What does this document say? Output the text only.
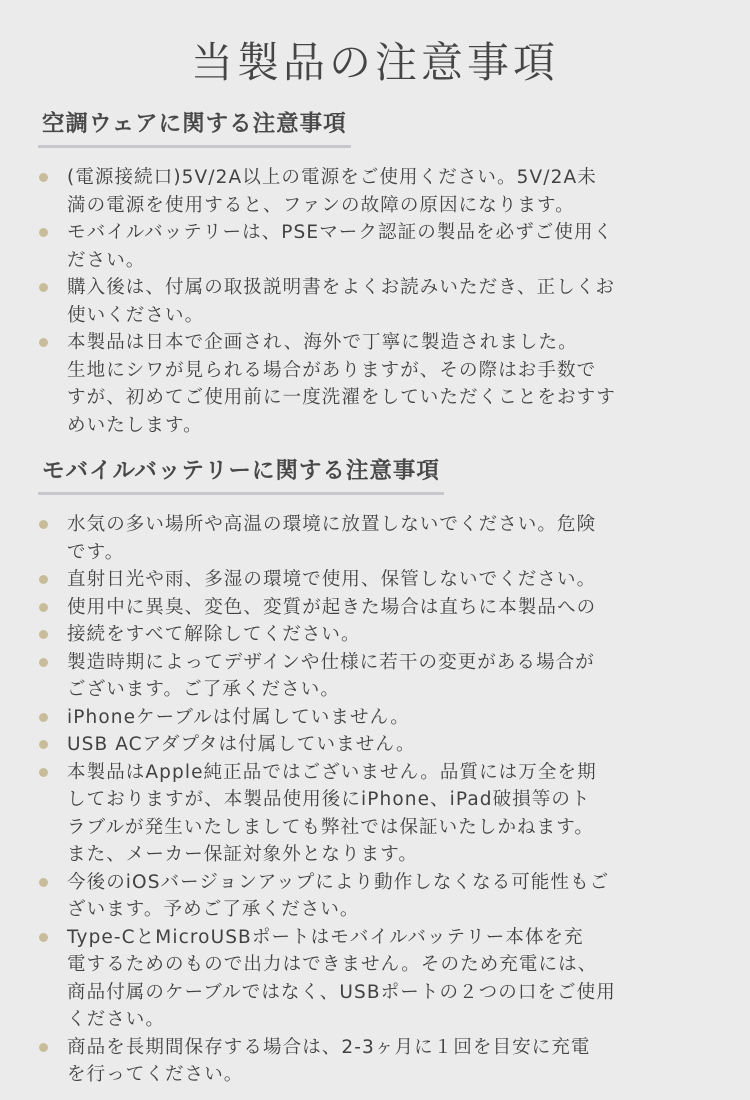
当製品の注意事項
空調ウェアに関する注意事項
(電源接続口)5V/2A以上の電源をご使用ください。5V/2A未
満の電源を使用すると、ファンの故障の原因になります。
モバイルバッテリーは、PSEマーク認証の製品を必ずご使用く
ださい。
購入後は、付属の取扱説明書をよくお読みいただき、正しくお
使いください。
本製品は日本で企画され、海外で丁寧に製造されました。
生地にシワが見られる場合がありますが、その際はお手数で
すが、初めてご使用前に一度洗濯をしていただくことをおすす
めいたします。
モバイルバッテリーに関する注意事項
水気の多い場所や高温の環境に放置しないでください。危険
です。
直射日光や雨、多湿の環境で使用、保管しないでください。
使用中に異臭、変色、変質が起きた場合は直ちに本製品への
接続をすべて解除してください。
製造時期によってデザインや仕様に若干の変更がある場合が
ございます。ご了承ください。
iPhoneケーブルは付属していません。
USB ACアダプタは付属していません。
本製品はApple純正品ではございません。品質には万全を期
しておりますが、本製品使用後にiPhone、iPad破損等のト
ラブルが発生いたしましても弊社では保証いたしかねます。
また、メーカー保証対象外となります。
今後のiOSバージョンアップにより動作しなくなる可能性もご
ざいます。予めご了承ください。
Type-CとMicroUSBポートはモバイルバッテリー本体を充
電するためのもので出力はできません。そのため充電には、
商品付属のケーブルではなく、USBポートの２つの口をご使用
ください。
商品を長期間保存する場合は、2-3ヶ月に１回を目安に充電
を行ってください。
